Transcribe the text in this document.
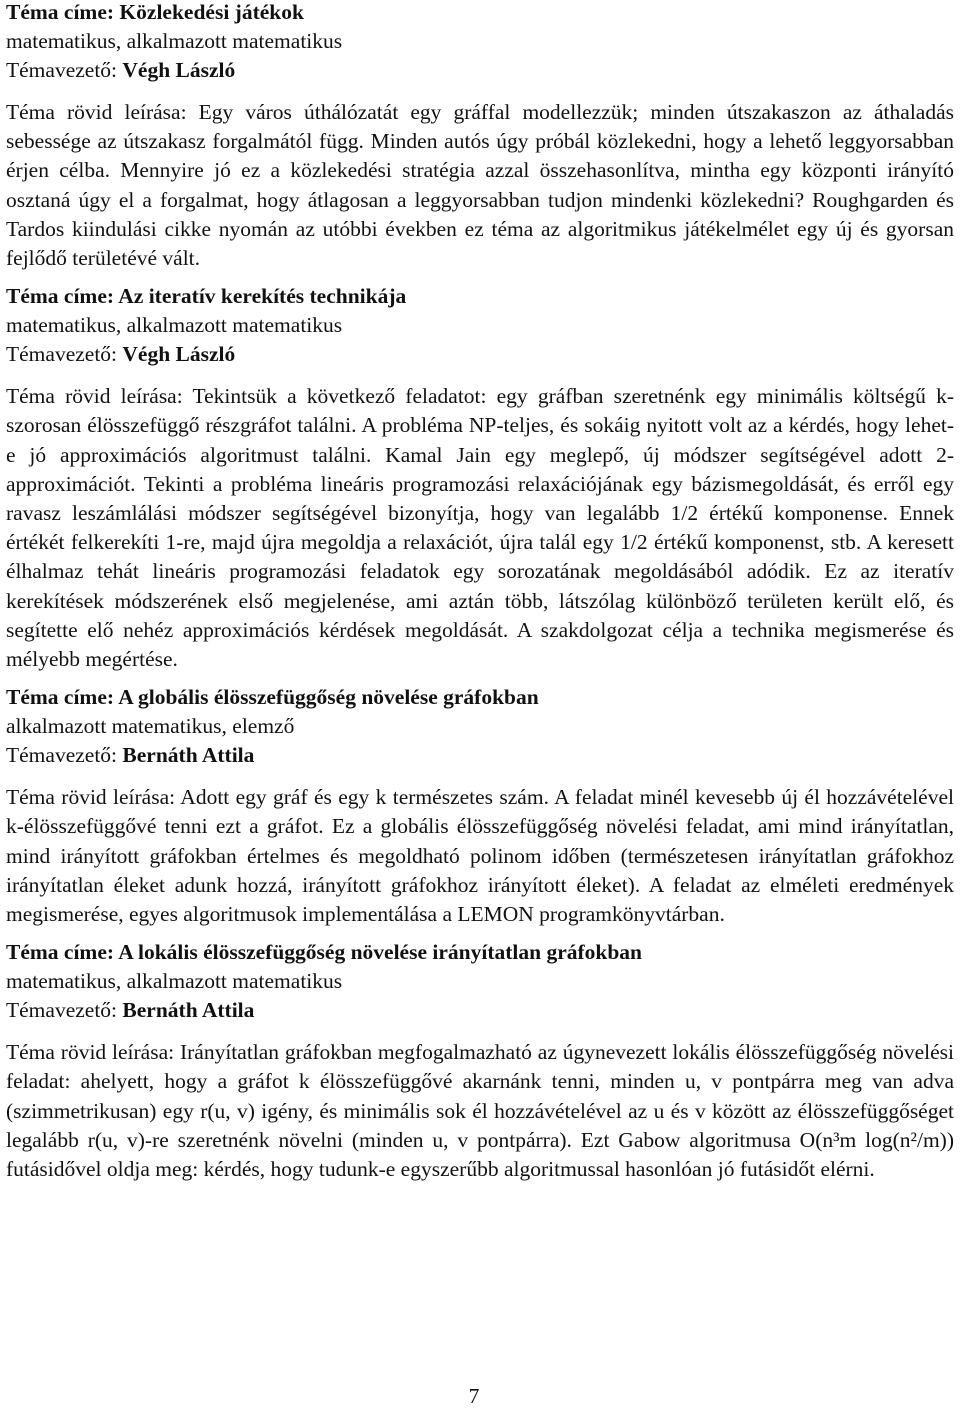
Téma címe: Közlekedési játékok
matematikus, alkalmazott matematikus
Témavezető: Végh László
Téma rövid leírása: Egy város úthálózatát egy gráffal modellezzük; minden útszakaszon az áthaladás sebessége az útszakasz forgalmától függ. Minden autós úgy próbál közlekedni, hogy a lehető leggyorsabban érjen célba. Mennyire jó ez a közlekedési stratégia azzal összehasonlítva, mintha egy központi irányító osztaná úgy el a forgalmat, hogy átlagosan a leggyorsabban tudjon mindenki közlekedni? Roughgarden és Tardos kiindulási cikke nyomán az utóbbi években ez téma az algoritmikus játékelmélet egy új és gyorsan fejlődő területévé vált.
Téma címe: Az iteratív kerekítés technikája
matematikus, alkalmazott matematikus
Témavezető: Végh László
Téma rövid leírása: Tekintsük a következő feladatot: egy gráfban szeretnénk egy minimális költségű k-szorosan élösszefüggő részgráfot találni. A probléma NP-teljes, és sokáig nyitott volt az a kérdés, hogy lehet-e jó approximációs algoritmust találni. Kamal Jain egy meglepő, új módszer segítségével adott 2-approximációt. Tekinti a probléma lineáris programozási relaxációjának egy bázismegoldását, és erről egy ravasz leszámlálási módszer segítségével bizonyítja, hogy van legalább 1/2 értékű komponense. Ennek értékét felkerekíti 1-re, majd újra megoldja a relaxációt, újra talál egy 1/2 értékű komponenst, stb. A keresett élhalmaz tehát lineáris programozási feladatok egy sorozatának megoldásából adódik. Ez az iteratív kerekítések módszerének első megjelenése, ami aztán több, látszólag különböző területen került elő, és segítette elő nehéz approximációs kérdések megoldását. A szakdolgozat célja a technika megismerése és mélyebb megértése.
Téma címe: A globális élösszefüggőség növelése gráfokban
alkalmazott matematikus, elemző
Témavezető: Bernáth Attila
Téma rövid leírása: Adott egy gráf és egy k természetes szám. A feladat minél kevesebb új él hozzávételével k-élösszefüggővé tenni ezt a gráfot. Ez a globális élösszefüggőség növelési feladat, ami mind irányítatlan, mind irányított gráfokban értelmes és megoldható polinom időben (természetesen irányítatlan gráfokhoz irányítatlan éleket adunk hozzá, irányított gráfokhoz irányított éleket). A feladat az elméleti eredmények megismerése, egyes algoritmusok implementálása a LEMON programkönyvtárban.
Téma címe: A lokális élösszefüggőség növelése irányítatlan gráfokban
matematikus, alkalmazott matematikus
Témavezető: Bernáth Attila
Téma rövid leírása: Irányítatlan gráfokban megfogalmazható az úgynevezett lokális élösszefüggőség növelési feladat: ahelyett, hogy a gráfot k élösszefüggővé akarnánk tenni, minden u, v pontpárra meg van adva (szimmetrikusan) egy r(u, v) igény, és minimális sok él hozzávételével az u és v között az élösszefüggőséget legalább r(u, v)-re szeretnénk növelni (minden u, v pontpárra). Ezt Gabow algoritmusa O(n³m log(n²/m)) futásidővel oldja meg: kérdés, hogy tudunk-e egyszerűbb algoritmussal hasonlóan jó futásidőt elérni.
7
